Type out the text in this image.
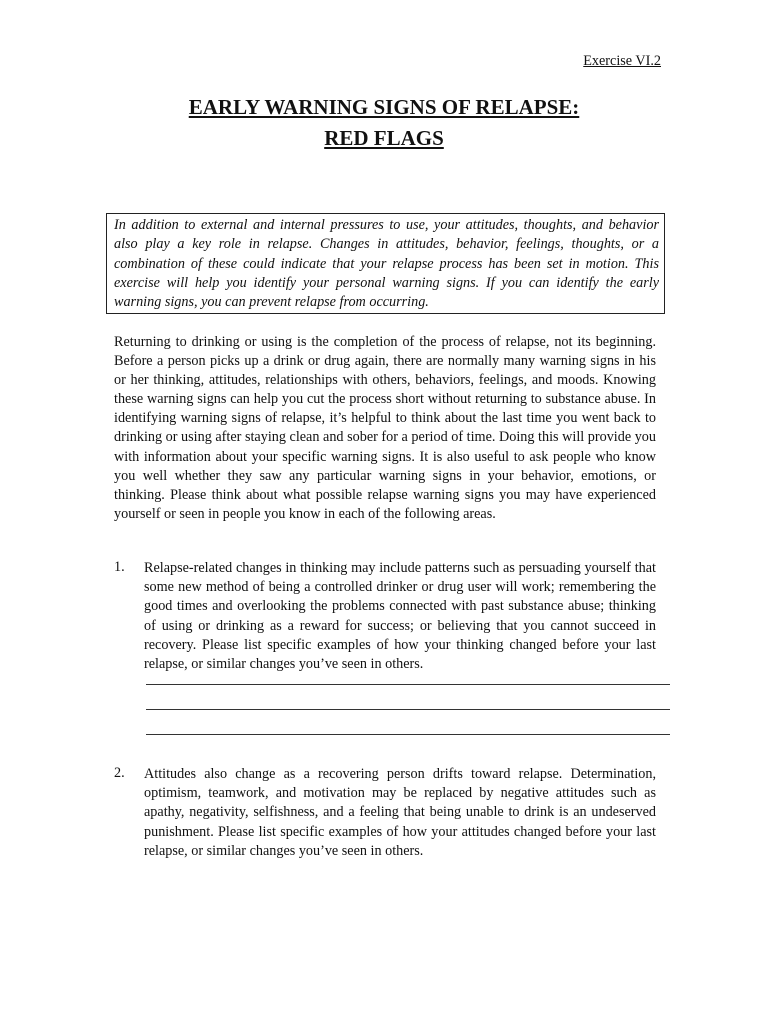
Exercise VI.2
EARLY WARNING SIGNS OF RELAPSE:
RED FLAGS
In addition to external and internal pressures to use, your attitudes, thoughts, and behavior also play a key role in relapse. Changes in attitudes, behavior, feelings, thoughts, or a combination of these could indicate that your relapse process has been set in motion. This exercise will help you identify your personal warning signs. If you can identify the early warning signs, you can prevent relapse from occurring.
Returning to drinking or using is the completion of the process of relapse, not its beginning. Before a person picks up a drink or drug again, there are normally many warning signs in his or her thinking, attitudes, relationships with others, behaviors, feelings, and moods. Knowing these warning signs can help you cut the process short without returning to substance abuse. In identifying warning signs of relapse, it’s helpful to think about the last time you went back to drinking or using after staying clean and sober for a period of time. Doing this will provide you with information about your specific warning signs. It is also useful to ask people who know you well whether they saw any particular warning signs in your behavior, emotions, or thinking. Please think about what possible relapse warning signs you may have experienced yourself or seen in people you know in each of the following areas.
1. Relapse-related changes in thinking may include patterns such as persuading yourself that some new method of being a controlled drinker or drug user will work; remembering the good times and overlooking the problems connected with past substance abuse; thinking of using or drinking as a reward for success; or believing that you cannot succeed in recovery. Please list specific examples of how your thinking changed before your last relapse, or similar changes you’ve seen in others.
2. Attitudes also change as a recovering person drifts toward relapse. Determination, optimism, teamwork, and motivation may be replaced by negative attitudes such as apathy, negativity, selfishness, and a feeling that being unable to drink is an undeserved punishment. Please list specific examples of how your attitudes changed before your last relapse, or similar changes you’ve seen in others.
